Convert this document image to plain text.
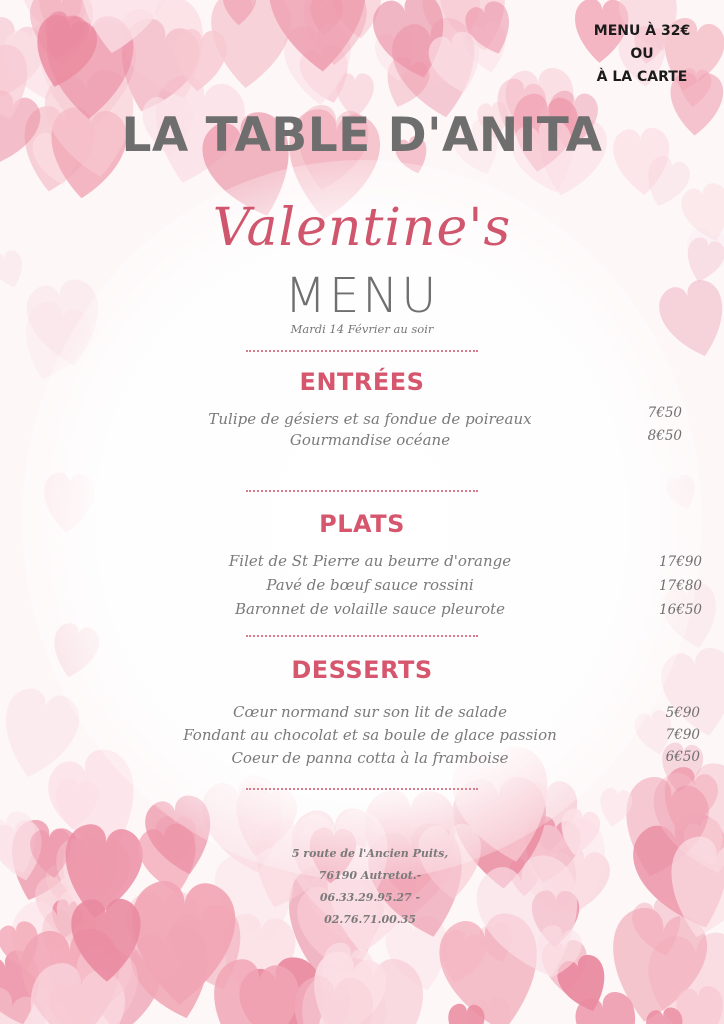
MENU À 32€
OU
À LA CARTE
LA TABLE D'ANITA
Valentine's
MENU
Mardi 14 Février au soir
ENTRÉES
Tulipe de gésiers et sa fondue de poireaux	7€50
Gourmandise océane	8€50
PLATS
Filet de St Pierre au beurre d'orange	17€90
Pavé de bœuf sauce rossini	17€80
Baronnet de volaille sauce pleurote	16€50
DESSERTS
Cœur normand sur son lit de salade	5€90
Fondant au chocolat et sa boule de glace passion	7€90
Coeur de panna cotta à la framboise	6€50
5 route de l'Ancien Puits,
76190 Autretot.-
06.33.29.95.27 -
02.76.71.00.35
